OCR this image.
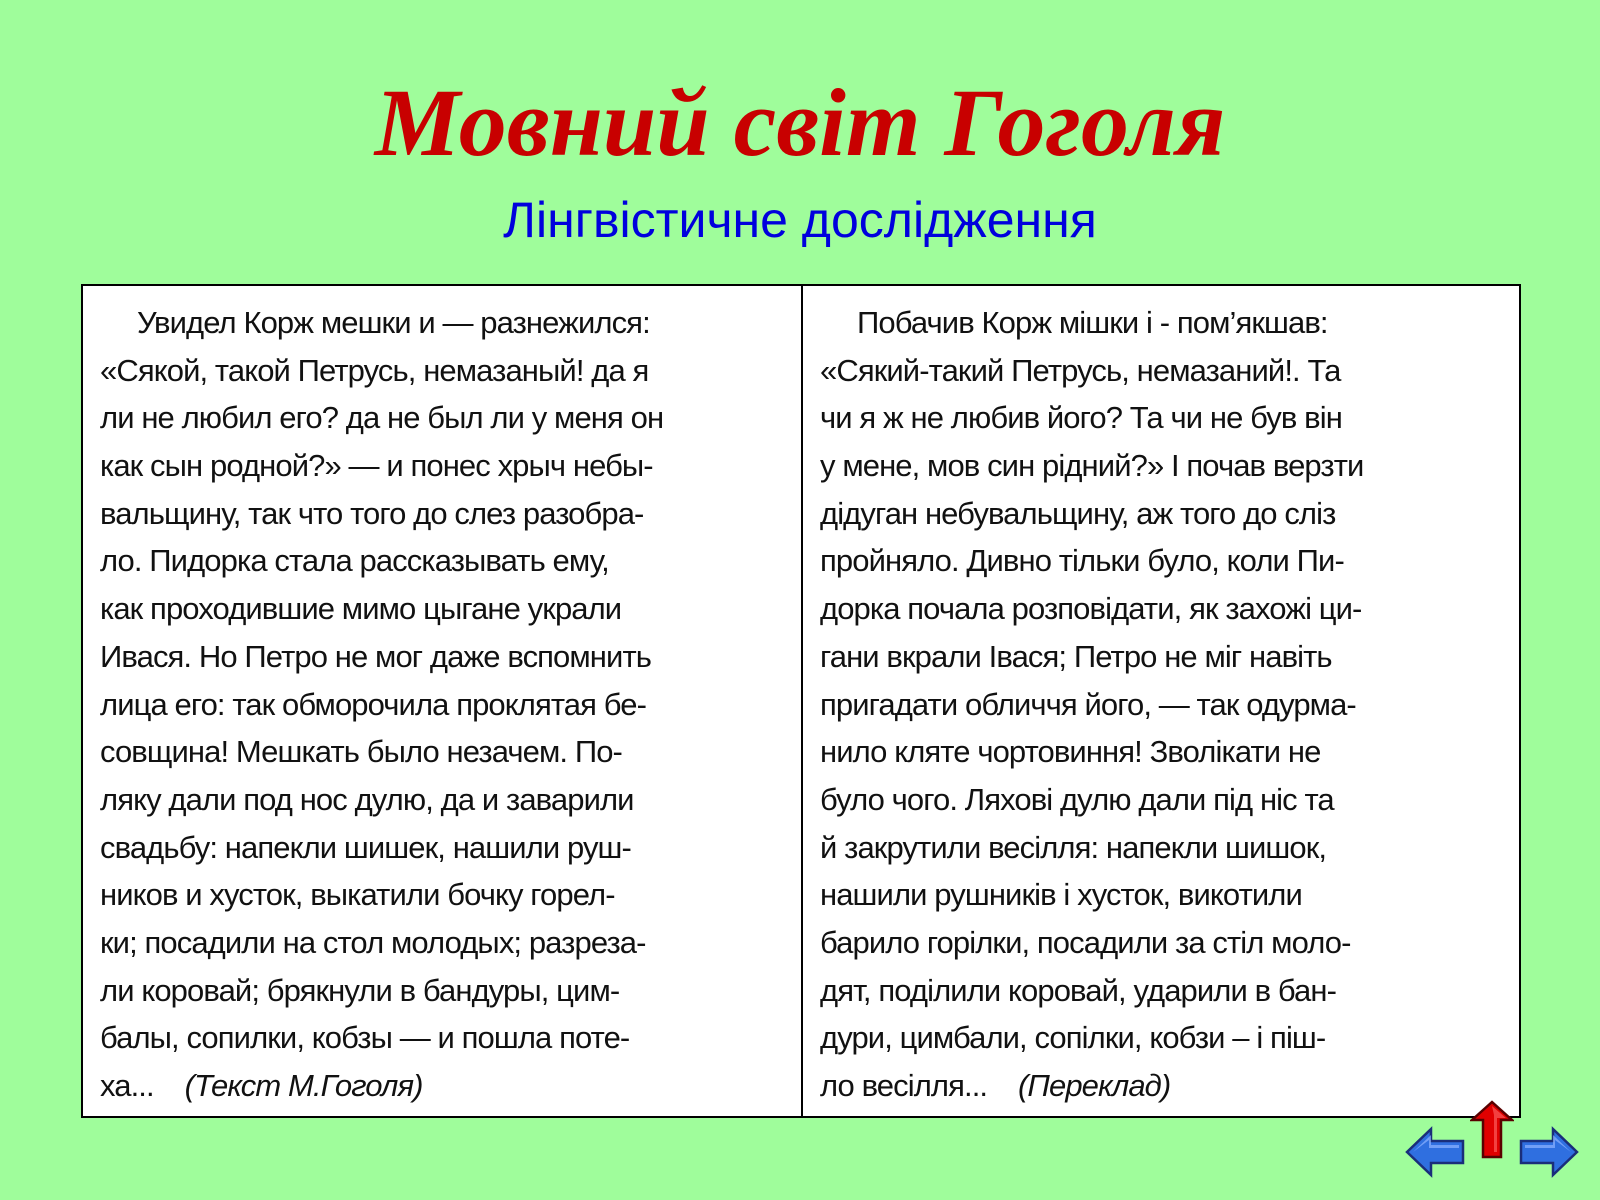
Мовний світ Гоголя
Лінгвістичне дослідження
Увидел Корж мешки и — разнежился:
«Сякой, такой Петрусь, немазаный! да я
ли не любил его? да не был ли у меня он
как сын родной?» — и понес хрыч небы-
вальщину, так что того до слез разобра-
ло. Пидорка стала рассказывать ему,
как проходившие мимо цыгане украли
Ивася. Но Петро не мог даже вспомнить
лица его: так обморочила проклятая бе-
совщина! Мешкать было незачем. По-
ляку дали под нос дулю, да и заварили
свадьбу: напекли шишек, нашили руш-
ников и хусток, выкатили бочку горел-
ки; посадили на стол молодых; разреза-
ли коровай; брякнули в бандуры, цим-
балы, сопилки, кобзы — и пошла поте-
ха... (Текст М.Гоголя)
Побачив Корж мішки і - пом’якшав:
«Сякий-такий Петрусь, немазаний!. Та
чи я ж не любив його? Та чи не був він
у мене, мов син рідний?» І почав верзти
дідуган небувальщину, аж того до сліз
пройняло. Дивно тільки було, коли Пи-
дорка почала розповідати, як захожі ци-
гани вкрали Івася; Петро не міг навіть
пригадати обличчя його, — так одурма-
нило кляте чортовиння! Зволікати не
було чого. Ляхові дулю дали під ніс та
й закрутили весілля: напекли шишок,
нашили рушників і хусток, викотили
барило горілки, посадили за стіл моло-
дят, поділили коровай, ударили в бан-
дури, цимбали, сопілки, кобзи – і піш-
ло весілля... (Переклад)
